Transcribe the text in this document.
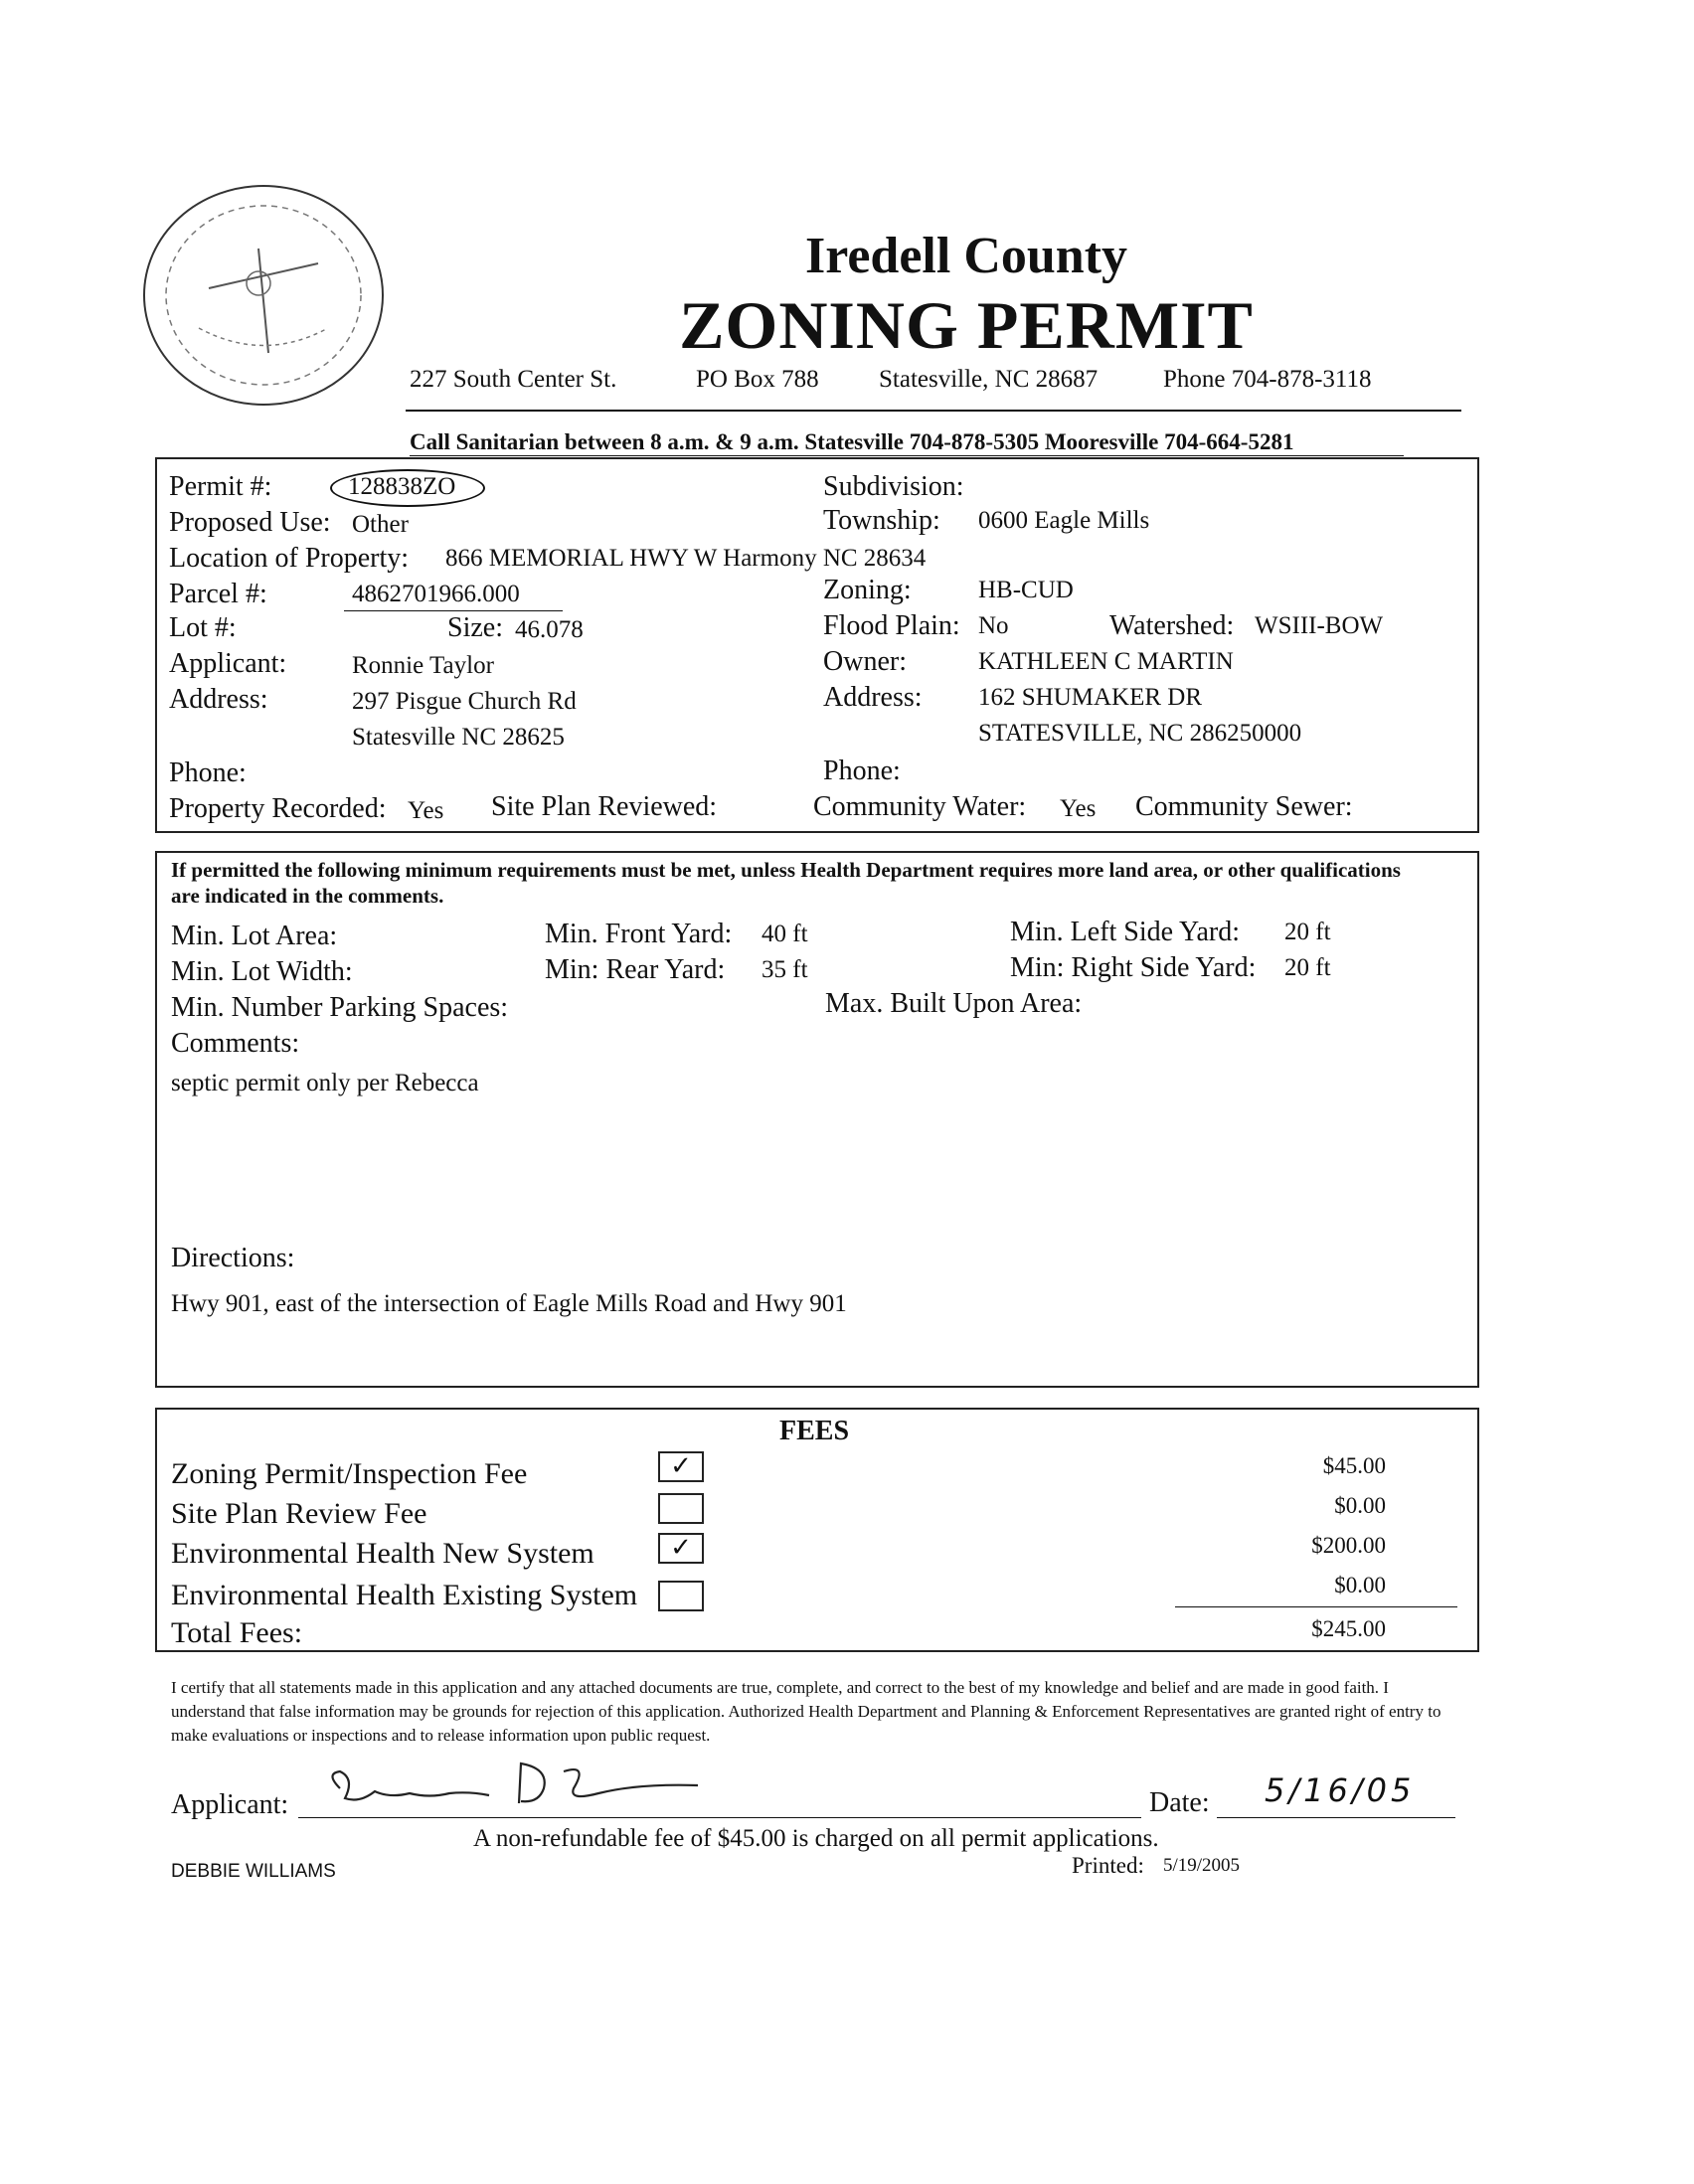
Iredell County
ZONING PERMIT
227 South Center St.	PO Box 788 Statesville, NC 28687	Phone 704-878-3118
Call Sanitarian between 8 a.m. & 9 a.m. Statesville 704-878-5305 Mooresville 704-664-5281
Permit #:	128838ZO
Proposed Use: Other
Location of Property: 866 MEMORIAL HWY W Harmony NC 28634
Parcel #:	4862701966.000
Lot #:	Size: 46.078
Applicant:	Ronnie Taylor
Address:	297 Pisgue Church Rd
Statesville NC 28625
Phone:
Property Recorded: Yes Site Plan Reviewed:
Subdivision:
Township: 0600 Eagle Mills
Zoning:	HB-CUD
Flood Plain: No	Watershed: WSIII-BOW
Owner:	KATHLEEN C MARTIN
Address: 162 SHUMAKER DR
STATESVILLE, NC 286250000
Phone:
Community Water: Yes Community Sewer:
If permitted the following minimum requirements must be met, unless Health Department requires more land area, or other qualifications are indicated in the comments.
Min. Lot Area:
Min. Lot Width:
Min. Front Yard: 40 ft
Min: Rear Yard: 35 ft
Min. Left Side Yard: 20 ft
Min: Right Side Yard: 20 ft
Min. Number Parking Spaces:	Max. Built Upon Area:
Comments:
septic permit only per Rebecca
Directions:
Hwy 901, east of the intersection of Eagle Mills Road and Hwy 901
FEES
Zoning Permit/Inspection Fee	✓	$45.00
Site Plan Review Fee	$0.00
Environmental Health New System	✓	$200.00
Environmental Health Existing System	$0.00
Total Fees:	$245.00
I certify that all statements made in this application and any attached documents are true, complete, and correct to the best of my knowledge and belief and are made in good faith. I understand that false information may be grounds for rejection of this application. Authorized Health Department and Planning & Enforcement Representatives are granted right of entry to make evaluations or inspections and to release information upon public request.
Applicant:	Date: 5/16/05
A non-refundable fee of $45.00 is charged on all permit applications.
DEBBIE WILLIAMS	Printed: 5/19/2005
